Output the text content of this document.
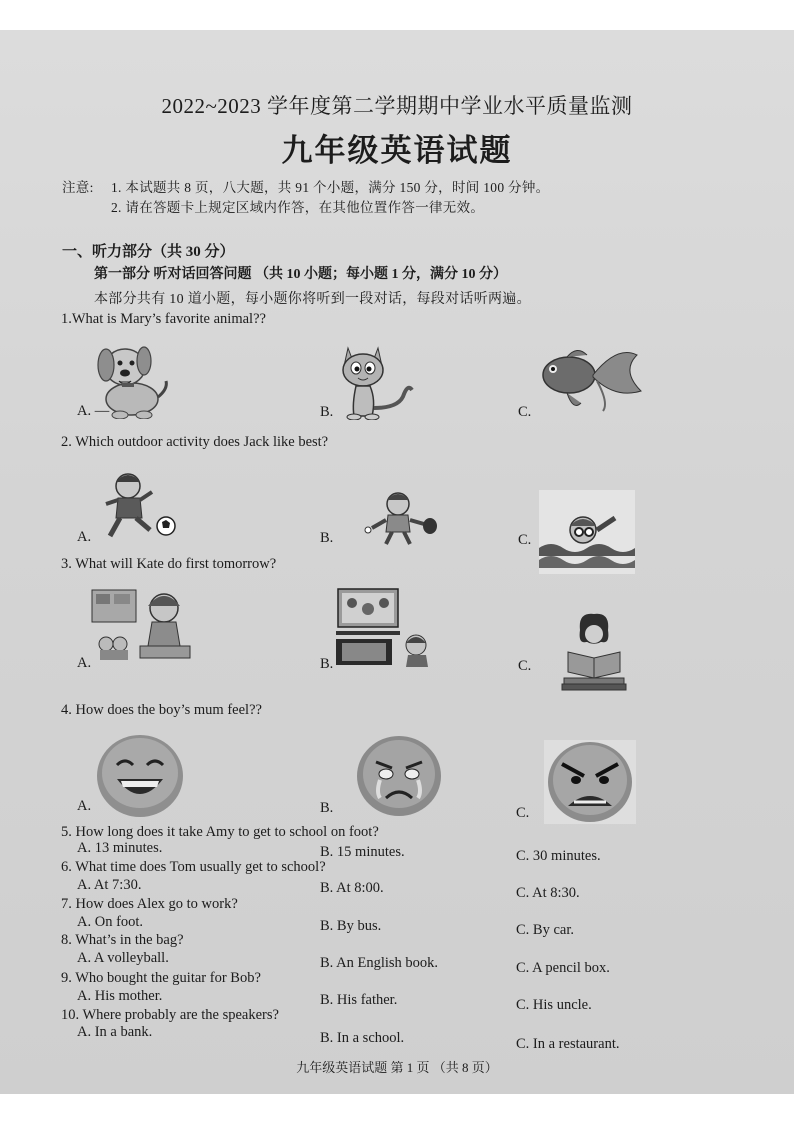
2022~2023 学年度第二学期期中学业水平质量监测
九年级英语试题
注意: 1. 本试题共 8 页，八大题，共 91 个小题，满分 150 分，时间 100 分钟。
2. 请在答题卡上规定区域内作答，在其他位置作答一律无效。
一、听力部分（共 30 分）
第一部分 听对话回答问题 （共 10 小题；每小题 1 分，满分 10 分）
本部分共有 10 道小题，每小题你将听到一段对话，每段对话听两遍。
1.What is Mary’s favorite animal??
A. —	B.	C.
2. Which outdoor activity does Jack like best?
A.	B.	C.
3. What will Kate do first tomorrow?
A.	B.	C.
4. How does the boy’s mum feel??
A.	B.	C.
5. How long does it take Amy to get to school on foot?
A. 13 minutes.	B. 15 minutes.	C. 30 minutes.
6. What time does Tom usually get to school?
A. At 7:30.	B. At 8:00.	C. At 8:30.
7. How does Alex go to work?
A. On foot.	B. By bus.	C. By car.
8. What’s in the bag?
A. A volleyball.	B. An English book.	C. A pencil box.
9. Who bought the guitar for Bob?
A. His mother.	B. His father.	C. His uncle.
10. Where probably are the speakers?
A. In a bank.	B. In a school.	C. In a restaurant.
九年级英语试题 第 1 页 （共 8 页）
